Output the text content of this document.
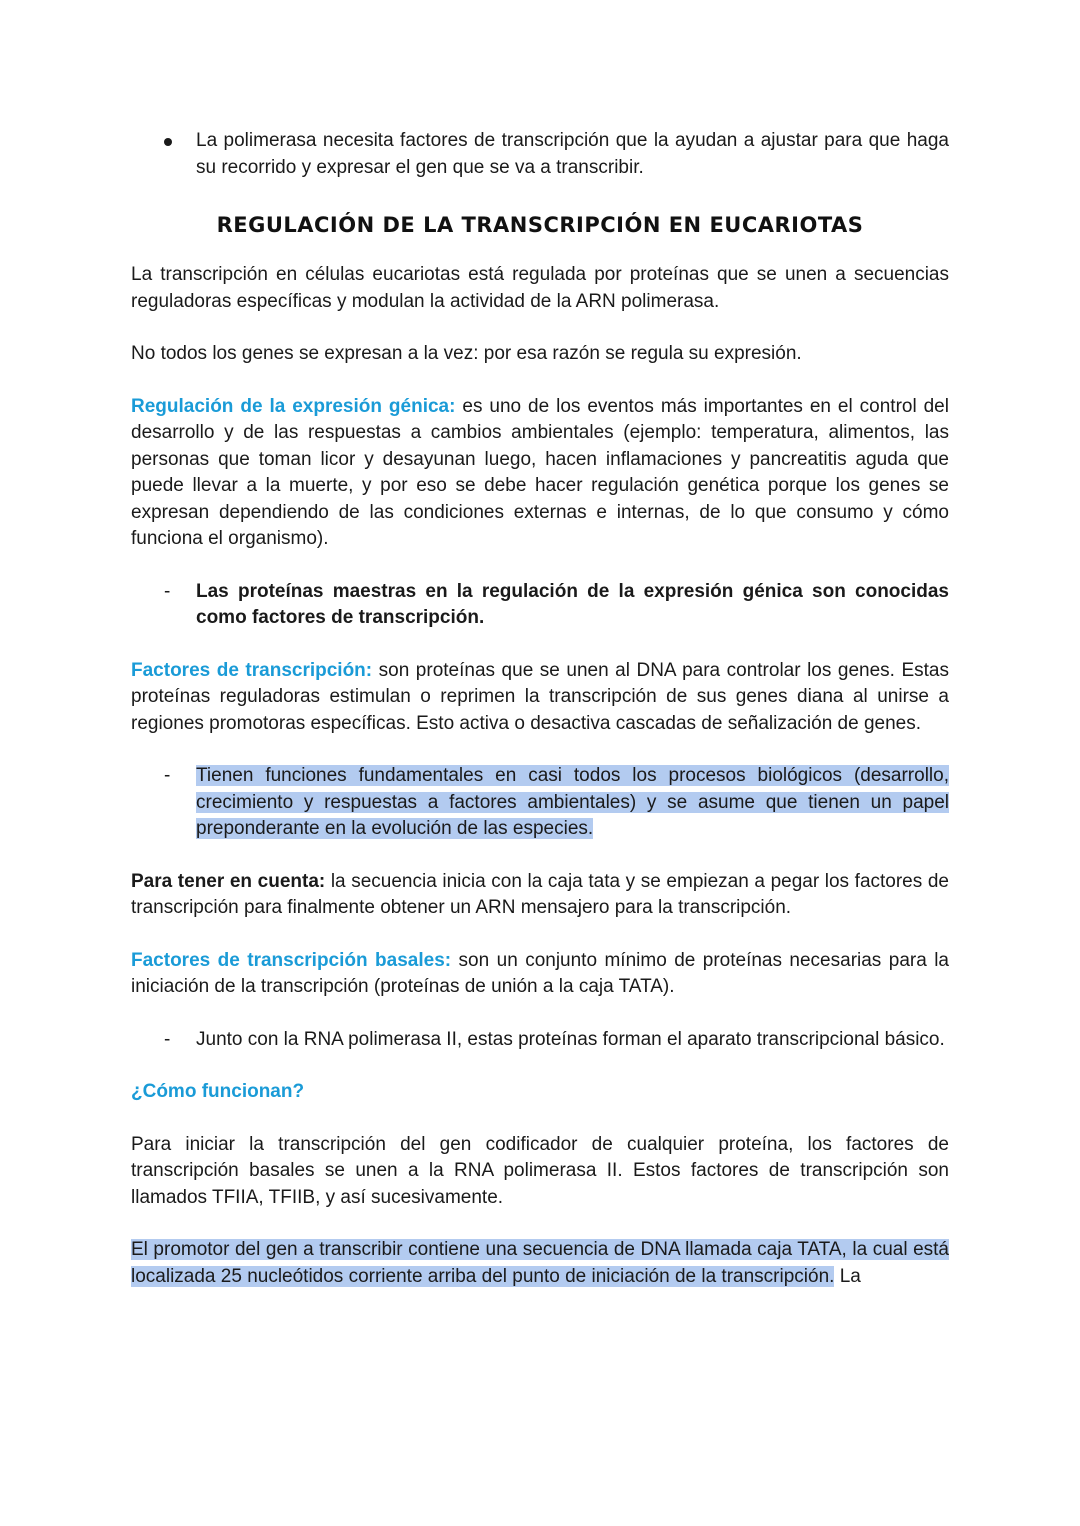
La polimerasa necesita factores de transcripción que la ayudan a ajustar para que haga su recorrido y expresar el gen que se va a transcribir.

REGULACIÓN DE LA TRANSCRIPCIÓN EN EUCARIOTAS

La transcripción en células eucariotas está regulada por proteínas que se unen a secuencias reguladoras específicas y modulan la actividad de la ARN polimerasa.

No todos los genes se expresan a la vez: por esa razón se regula su expresión.

Regulación de la expresión génica: es uno de los eventos más importantes en el control del desarrollo y de las respuestas a cambios ambientales (ejemplo: temperatura, alimentos, las personas que toman licor y desayunan luego, hacen inflamaciones y pancreatitis aguda que puede llevar a la muerte, y por eso se debe hacer regulación genética porque los genes se expresan dependiendo de las condiciones externas e internas, de lo que consumo y cómo funciona el organismo).

- Las proteínas maestras en la regulación de la expresión génica son conocidas como factores de transcripción.

Factores de transcripción: son proteínas que se unen al DNA para controlar los genes. Estas proteínas reguladoras estimulan o reprimen la transcripción de sus genes diana al unirse a regiones promotoras específicas. Esto activa o desactiva cascadas de señalización de genes.

- Tienen funciones fundamentales en casi todos los procesos biológicos (desarrollo, crecimiento y respuestas a factores ambientales) y se asume que tienen un papel preponderante en la evolución de las especies.

Para tener en cuenta: la secuencia inicia con la caja tata y se empiezan a pegar los factores de transcripción para finalmente obtener un ARN mensajero para la transcripción.

Factores de transcripción basales: son un conjunto mínimo de proteínas necesarias para la iniciación de la transcripción (proteínas de unión a la caja TATA).

- Junto con la RNA polimerasa II, estas proteínas forman el aparato transcripcional básico.

¿Cómo funcionan?

Para iniciar la transcripción del gen codificador de cualquier proteína, los factores de transcripción basales se unen a la RNA polimerasa II. Estos factores de transcripción son llamados TFIIA, TFIIB, y así sucesivamente.

El promotor del gen a transcribir contiene una secuencia de DNA llamada caja TATA, la cual está localizada 25 nucleótidos corriente arriba del punto de iniciación de la transcripción. La
